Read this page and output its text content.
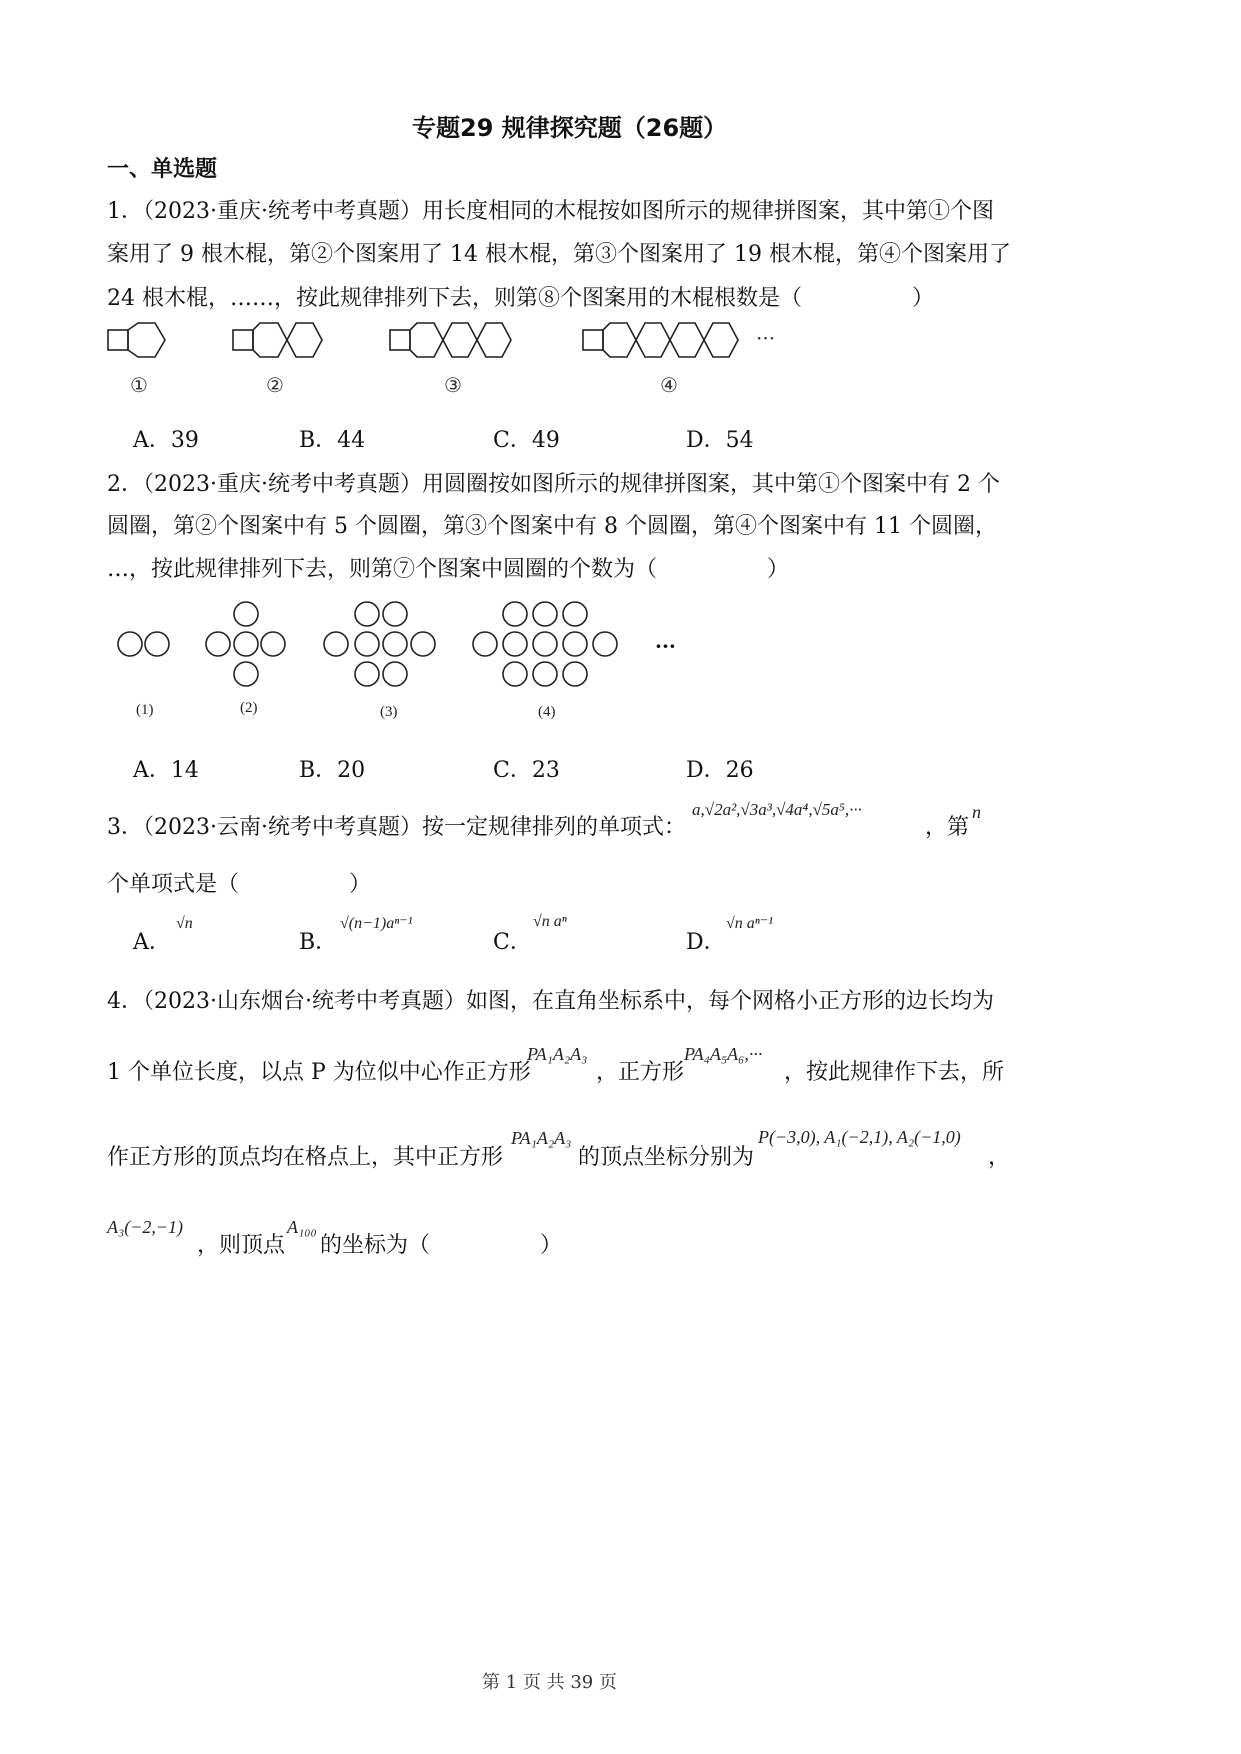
专题29 规律探究题（26题）
一、单选题
1．（2023·重庆·统考中考真题）用长度相同的木棍按如图所示的规律拼图案，其中第①个图
案用了 9 根木棍，第②个图案用了 14 根木棍，第③个图案用了 19 根木棍，第④个图案用了
24 根木棍，……，按此规律排列下去，则第⑧个图案用的木棍根数是（　　　　　）
···
①	②	③	④
A．39	B．44	C．49	D．54
2．（2023·重庆·统考中考真题）用圆圈按如图所示的规律拼图案，其中第①个图案中有 2 个
圆圈，第②个图案中有 5 个圆圈，第③个图案中有 8 个圆圈，第④个图案中有 11 个圆圈，
…，按此规律排列下去，则第⑦个图案中圆圈的个数为（　　　　　）
···
(1)	(2)	(3)	(4)
A．14	B．20	C．23	D．26
3．（2023·云南·统考中考真题）按一定规律排列的单项式：
a,√2a²,√3a³,√4a⁴,√5a⁵,···
，第
n
个单项式是（　　　　　）
A．
√n
B．
√(n−1)aⁿ⁻¹
C．
√n aⁿ
D．
√n aⁿ⁻¹
4．（2023·山东烟台·统考中考真题）如图，在直角坐标系中，每个网格小正方形的边长均为
1 个单位长度，以点 P 为位似中心作正方形
PA₁A₂A₃
，正方形
PA₄A₅A₆,···
，按此规律作下去，所
作正方形的顶点均在格点上，其中正方形
PA₁A₂A₃
的顶点坐标分别为
P(−3,0), A₁(−2,1), A₂(−1,0)
，
A₃(−2,−1)
，则顶点
A₁₀₀
的坐标为（　　　　　）
第 1 页 共 39 页
